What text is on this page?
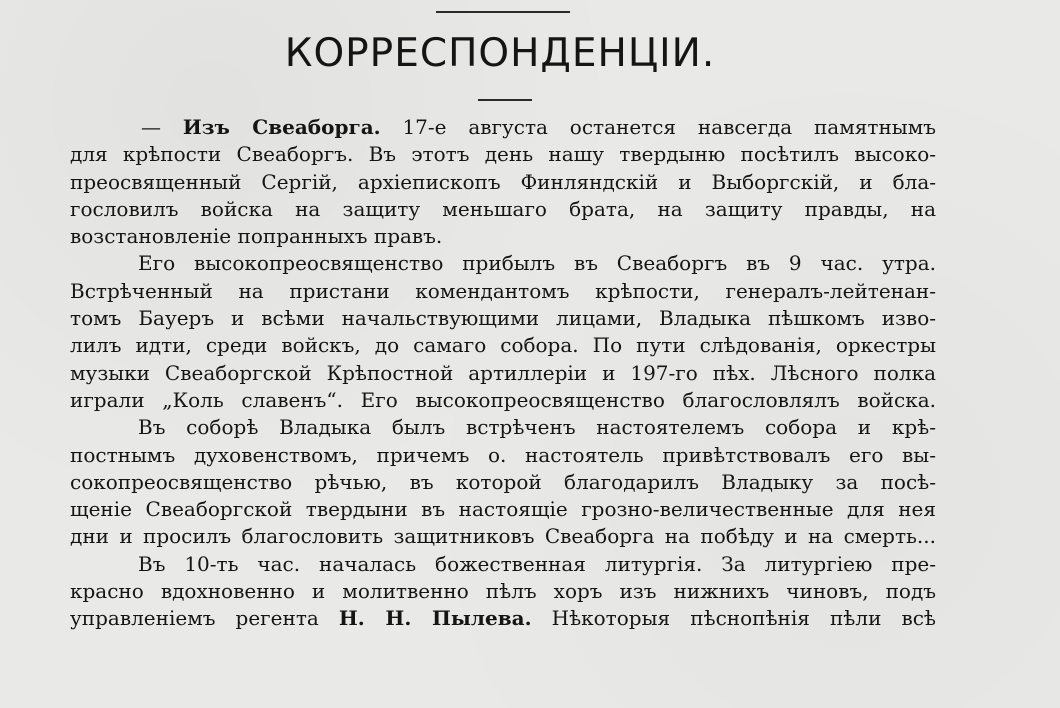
КОРРЕСПОНДЕНЦІИ.
— Изъ Свеаборга. 17-е августа останется навсегда памятнымъ
для крѣпости Свеаборгъ. Въ этотъ день нашу твердыню посѣтилъ высоко-
преосвященный Сергій, архіепископъ Финляндскій и Выборгскій, и бла-
гословилъ войска на защиту меньшаго брата, на защиту правды, на
возстановленіе попранныхъ правъ.
Его высокопреосвященство прибылъ въ Свеаборгъ въ 9 час. утра.
Встрѣченный на пристани комендантомъ крѣпости, генералъ-лейтенан-
томъ Бауеръ и всѣми начальствующими лицами, Владыка пѣшкомъ изво-
лилъ идти, среди войскъ, до самаго собора. По пути слѣдованія, оркестры
музыки Свеаборгской Крѣпостной артиллеріи и 197-го пѣх. Лѣсного полка
играли „Коль славенъ“. Его высокопреосвященство благословлялъ войска.
Въ соборѣ Владыка былъ встрѣченъ настоятелемъ собора и крѣ-
постнымъ духовенствомъ, причемъ о. настоятель привѣтствовалъ его вы-
сокопреосвященство рѣчью, въ которой благодарилъ Владыку за посѣ-
щеніе Свеаборгской твердыни въ настоящіе грозно-величественные для нея
дни и просилъ благословить защитниковъ Свеаборга на побѣду и на смерть...
Въ 10-ть час. началась божественная литургія. За литургіею пре-
красно вдохновенно и молитвенно пѣлъ хоръ изъ нижнихъ чиновъ, подъ
управленіемъ регента Н. Н. Пылева. Нѣкоторыя пѣснопѣнія пѣли всѣ
